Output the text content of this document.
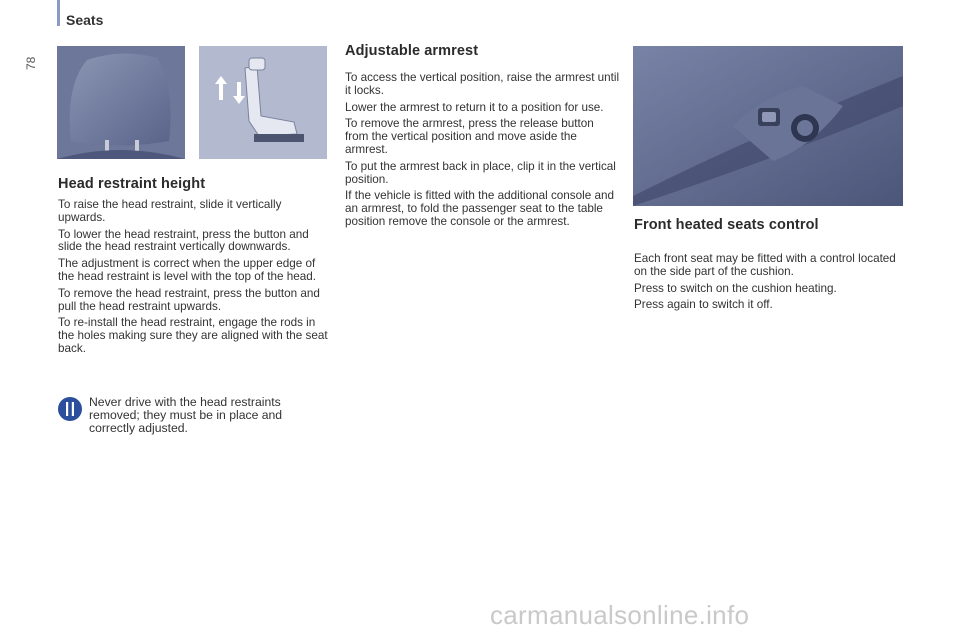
Seats
78
Head restraint height

To raise the head restraint, slide it vertically upwards.

To lower the head restraint, press the button and slide the head restraint vertically downwards.

The adjustment is correct when the upper edge of the head restraint is level with the top of the head.

To remove the head restraint, press the button and pull the head restraint upwards.

To re-install the head restraint, engage the rods in the holes making sure they are aligned with the seat back.

Never drive with the head restraints removed; they must be in place and correctly adjusted.
Adjustable armrest

To access the vertical position, raise the armrest until it locks.

Lower the armrest to return it to a position for use.

To remove the armrest, press the release button from the vertical position and move aside the armrest.

To put the armrest back in place, clip it in the vertical position.

If the vehicle is fitted with the additional console and an armrest, to fold the passenger seat to the table position remove the console or the armrest.	Front heated seats control

Each front seat may be fitted with a control located on the side part of the cushion.

Press to switch on the cushion heating.

Press again to switch it off.

carmanualsonline.info
